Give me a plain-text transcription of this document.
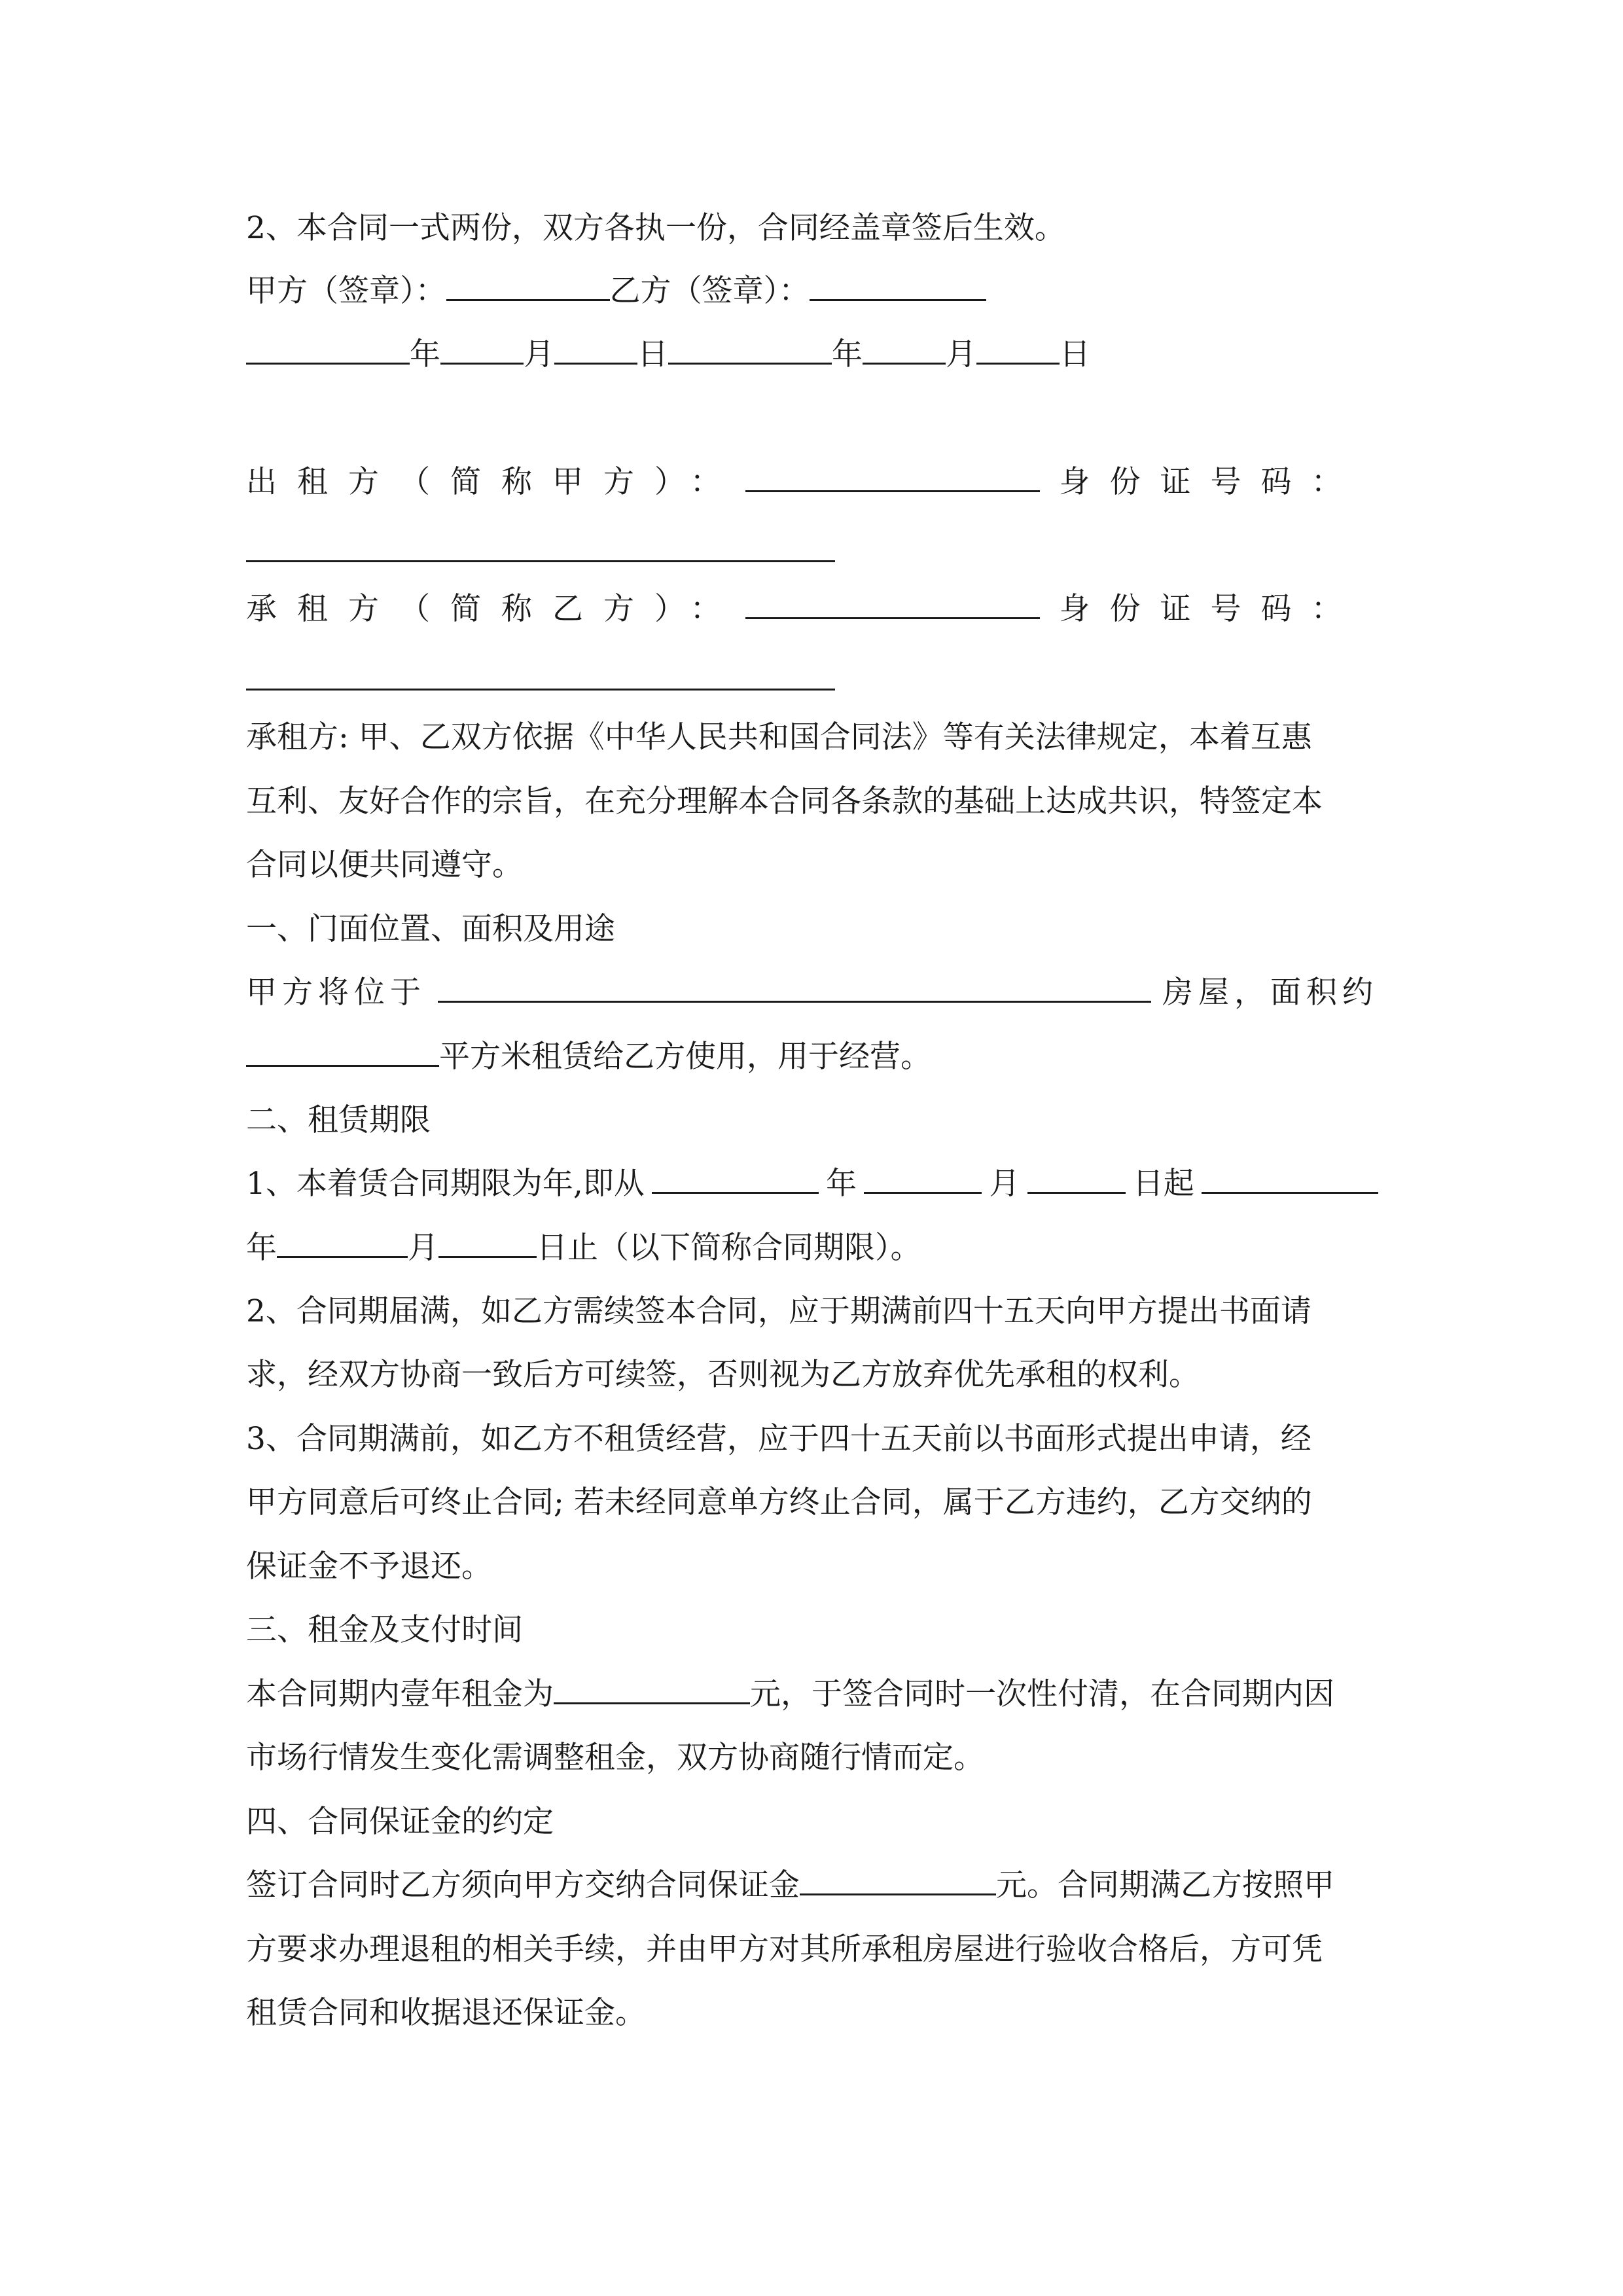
2、本合同一式两份，双方各执一份，合同经盖章签后生效。
甲方（签章）：	乙方（签章）：
年	月	日	年	月	日
出租方（简称甲方）：	身份证号码：
承租方（简称乙方）：	身份证号码：
承租方: 甲、乙双方依据《中华人民共和国合同法》等有关法律规定，本着互惠
互利、友好合作的宗旨，在充分理解本合同各条款的基础上达成共识，特签定本
合同以便共同遵守。
一、门面位置、面积及用途
甲方将位于	房屋，面积约
平方米租赁给乙方使用，用于经营。
二、租赁期限
1、本着赁合同期限为年,即从	年	月	日起
年	月	日止（以下简称合同期限）。
2、合同期届满，如乙方需续签本合同，应于期满前四十五天向甲方提出书面请
求，经双方协商一致后方可续签，否则视为乙方放弃优先承租的权利。
3、合同期满前，如乙方不租赁经营，应于四十五天前以书面形式提出申请，经
甲方同意后可终止合同; 若未经同意单方终止合同，属于乙方违约，乙方交纳的
保证金不予退还。
三、租金及支付时间
本合同期内壹年租金为	元，于签合同时一次性付清，在合同期内因
市场行情发生变化需调整租金，双方协商随行情而定。
四、合同保证金的约定
签订合同时乙方须向甲方交纳合同保证金	元。合同期满乙方按照甲
方要求办理退租的相关手续，并由甲方对其所承租房屋进行验收合格后，方可凭
租赁合同和收据退还保证金。
